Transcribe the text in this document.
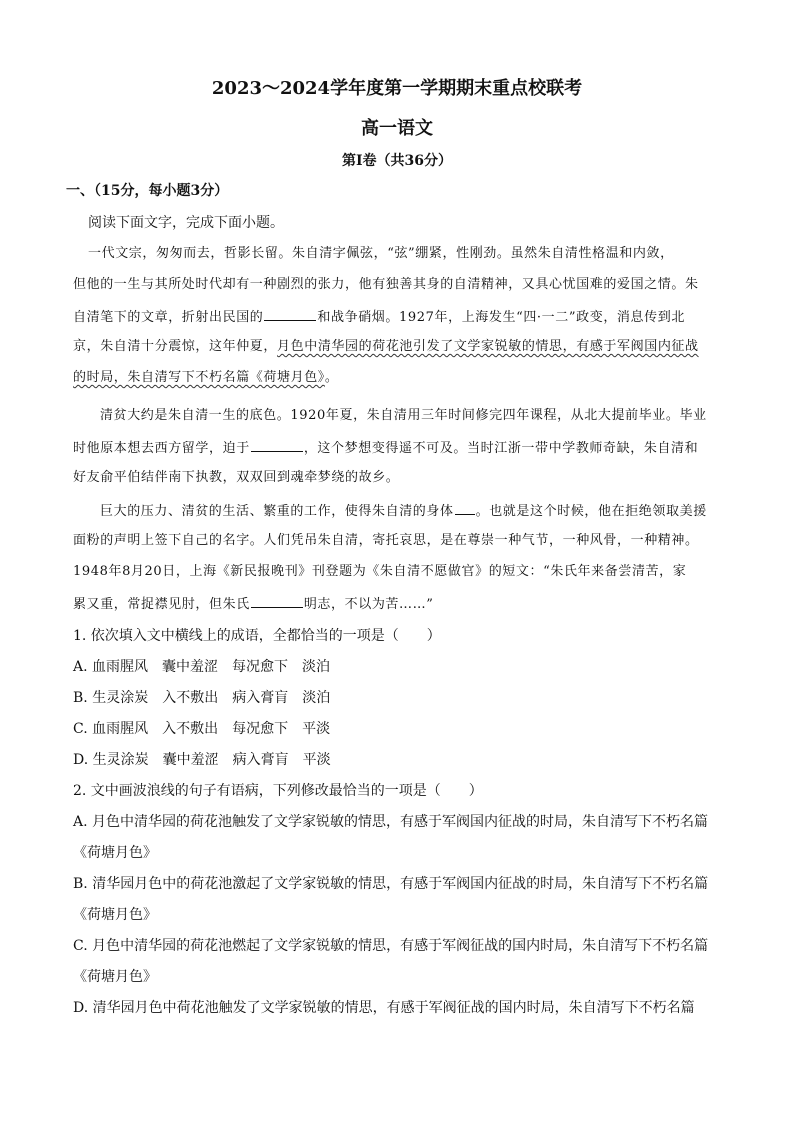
2023～2024学年度第一学期期末重点校联考
高一语文
第Ⅰ卷（共36分）
一、（15分，每小题3分）
阅读下面文字，完成下面小题。
一代文宗，匆匆而去，哲影长留。朱自清字佩弦，“弦”绷紧，性刚劲。虽然朱自清性格温和内敛，
但他的一生与其所处时代却有一种剧烈的张力，他有独善其身的自清精神，又具心忧国难的爱国之情。朱
自清笔下的文章，折射出民国的	和战争硝烟。1927年，上海发生“四·一二”政变，消息传到北
京，朱自清十分震惊，这年仲夏，月色中清华园的荷花池引发了文学家锐敏的情思，有感于军阀国内征战
的时局，朱自清写下不朽名篇《荷塘月色》。
清贫大约是朱自清一生的底色。1920年夏，朱自清用三年时间修完四年课程，从北大提前毕业。毕业
时他原本想去西方留学，迫于	，这个梦想变得遥不可及。当时江浙一带中学教师奇缺，朱自清和
好友俞平伯结伴南下执教，双双回到魂牵梦绕的故乡。
巨大的压力、清贫的生活、繁重的工作，使得朱自清的身体 。也就是这个时候，他在拒绝领取美援
面粉的声明上签下自己的名字。人们凭吊朱自清，寄托哀思，是在尊崇一种气节，一种风骨，一种精神。
1948年8月20日，上海《新民报晚刊》刊登题为《朱自清不愿做官》的短文：“朱氏年来备尝清苦，家
累又重，常捉襟见肘，但朱氏	明志，不以为苦……”
1. 依次填入文中横线上的成语，全都恰当的一项是（　　）
A. 血雨腥风　囊中羞涩　每况愈下　淡泊
B. 生灵涂炭　入不敷出　病入膏肓　淡泊
C. 血雨腥风　入不敷出　每况愈下　平淡
D. 生灵涂炭　囊中羞涩　病入膏肓　平淡
2. 文中画波浪线的句子有语病，下列修改最恰当的一项是（　　）
A. 月色中清华园的荷花池触发了文学家锐敏的情思，有感于军阀国内征战的时局，朱自清写下不朽名篇
《荷塘月色》
B. 清华园月色中的荷花池激起了文学家锐敏的情思，有感于军阀国内征战的时局，朱自清写下不朽名篇
《荷塘月色》
C. 月色中清华园的荷花池燃起了文学家锐敏的情思，有感于军阀征战的国内时局，朱自清写下不朽名篇
《荷塘月色》
D. 清华园月色中荷花池触发了文学家锐敏的情思，有感于军阀征战的国内时局，朱自清写下不朽名篇
